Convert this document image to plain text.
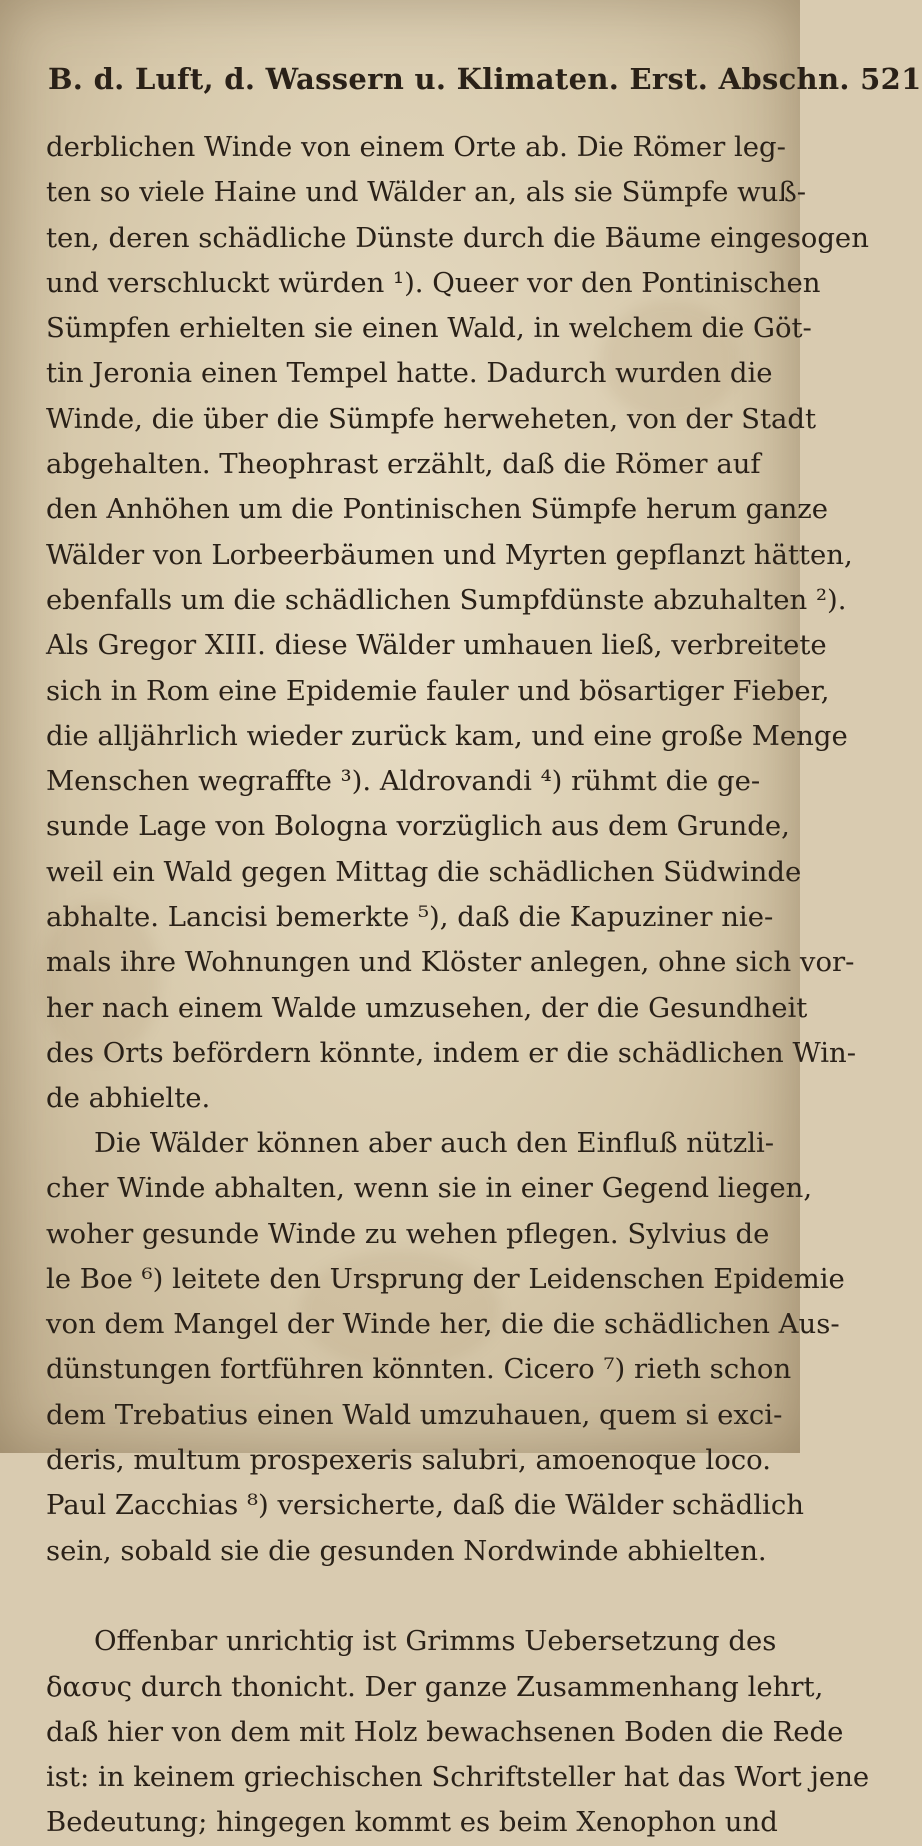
B. d. Luft, d. Wassern u. Klimaten. Erst. Abschn. 521
derblichen Winde von einem Orte ab. Die Römer leg-
ten so viele Haine und Wälder an, als sie Sümpfe wuß-
ten, deren schädliche Dünste durch die Bäume eingesogen
und verschluckt würden ¹). Queer vor den Pontinischen
Sümpfen erhielten sie einen Wald, in welchem die Göt-
tin Jeronia einen Tempel hatte. Dadurch wurden die
Winde, die über die Sümpfe herweheten, von der Stadt
abgehalten. Theophrast erzählt, daß die Römer auf
den Anhöhen um die Pontinischen Sümpfe herum ganze
Wälder von Lorbeerbäumen und Myrten gepflanzt hätten,
ebenfalls um die schädlichen Sumpfdünste abzuhalten ²).
Als Gregor XIII. diese Wälder umhauen ließ, verbreitete
sich in Rom eine Epidemie fauler und bösartiger Fieber,
die alljährlich wieder zurück kam, und eine große Menge
Menschen wegraffte ³). Aldrovandi ⁴) rühmt die ge-
sunde Lage von Bologna vorzüglich aus dem Grunde,
weil ein Wald gegen Mittag die schädlichen Südwinde
abhalte. Lancisi bemerkte ⁵), daß die Kapuziner nie-
mals ihre Wohnungen und Klöster anlegen, ohne sich vor-
her nach einem Walde umzusehen, der die Gesundheit
des Orts befördern könnte, indem er die schädlichen Win-
de abhielte.
Die Wälder können aber auch den Einfluß nützli-
cher Winde abhalten, wenn sie in einer Gegend liegen,
woher gesunde Winde zu wehen pflegen. Sylvius de
le Boe ⁶) leitete den Ursprung der Leidenschen Epidemie
von dem Mangel der Winde her, die die schädlichen Aus-
dünstungen fortführen könnten. Cicero ⁷) rieth schon
dem Trebatius einen Wald umzuhauen, quem si exci-
deris, multum prospexeris salubri, amoenoque loco.
Paul Zacchias ⁸) versicherte, daß die Wälder schädlich
sein, sobald sie die gesunden Nordwinde abhielten.
Offenbar unrichtig ist Grimms Uebersetzung des
δασυς durch thonicht. Der ganze Zusammenhang lehrt,
daß hier von dem mit Holz bewachsenen Boden die Rede
ist: in keinem griechischen Schriftsteller hat das Wort jene
Bedeutung; hingegen kommt es beim Xenophon und
